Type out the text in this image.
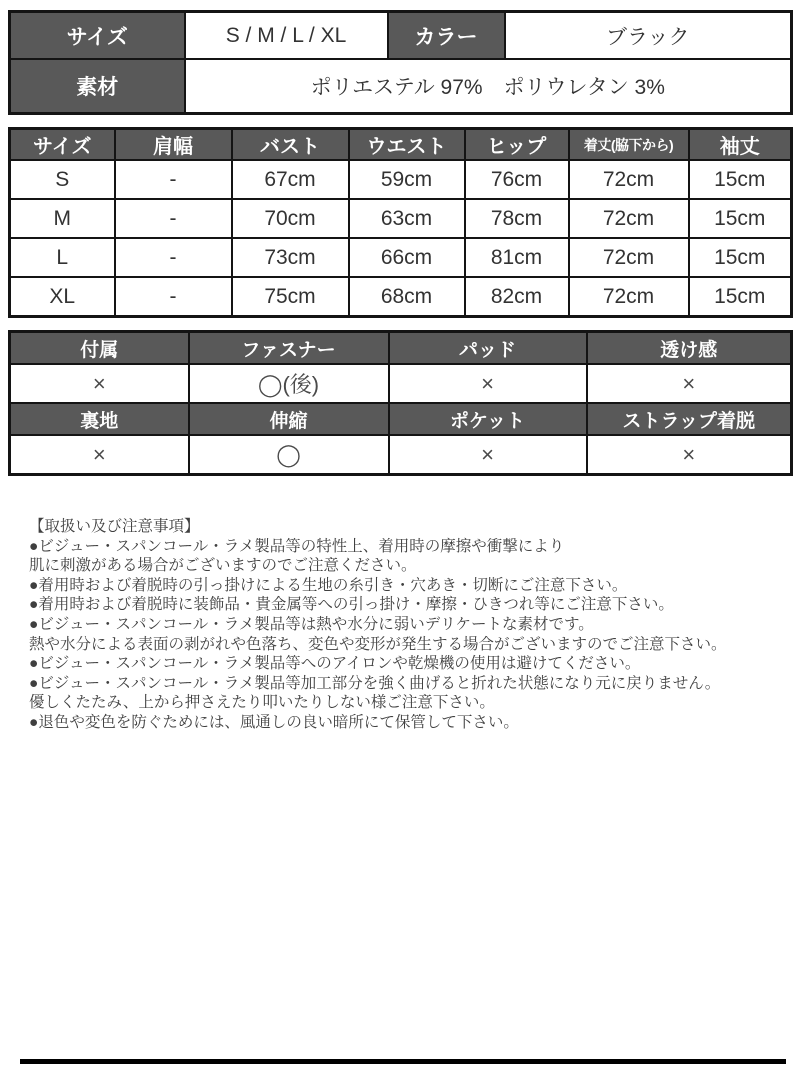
サイズ	S / M / L / XL	カラー	ブラック
素材	ポリエステル 97%　ポリウレタン 3%		
サイズ	肩幅	バスト	ウエスト	ヒップ	着丈(脇下から)	袖丈
S	-	67cm	59cm	76cm	72cm	15cm
M	-	70cm	63cm	78cm	72cm	15cm
L	-	73cm	66cm	81cm	72cm	15cm
XL	-	75cm	68cm	82cm	72cm	15cm
付属	ファスナー	パッド	透け感
×	◯(後)	×	×
裏地	伸縮	ポケット	ストラップ着脱
×	◯	×	×
【取扱い及び注意事項】
●ビジュー・スパンコール・ラメ製品等の特性上、着用時の摩擦や衝撃により
肌に刺激がある場合がございますのでご注意ください。
●着用時および着脱時の引っ掛けによる生地の糸引き・穴あき・切断にご注意下さい。
●着用時および着脱時に装飾品・貴金属等への引っ掛け・摩擦・ひきつれ等にご注意下さい。
●ビジュー・スパンコール・ラメ製品等は熱や水分に弱いデリケートな素材です。
熱や水分による表面の剥がれや色落ち、変色や変形が発生する場合がございますのでご注意下さい。
●ビジュー・スパンコール・ラメ製品等へのアイロンや乾燥機の使用は避けてください。
●ビジュー・スパンコール・ラメ製品等加工部分を強く曲げると折れた状態になり元に戻りません。
優しくたたみ、上から押さえたり叩いたりしない様ご注意下さい。
●退色や変色を防ぐためには、風通しの良い暗所にて保管して下さい。
